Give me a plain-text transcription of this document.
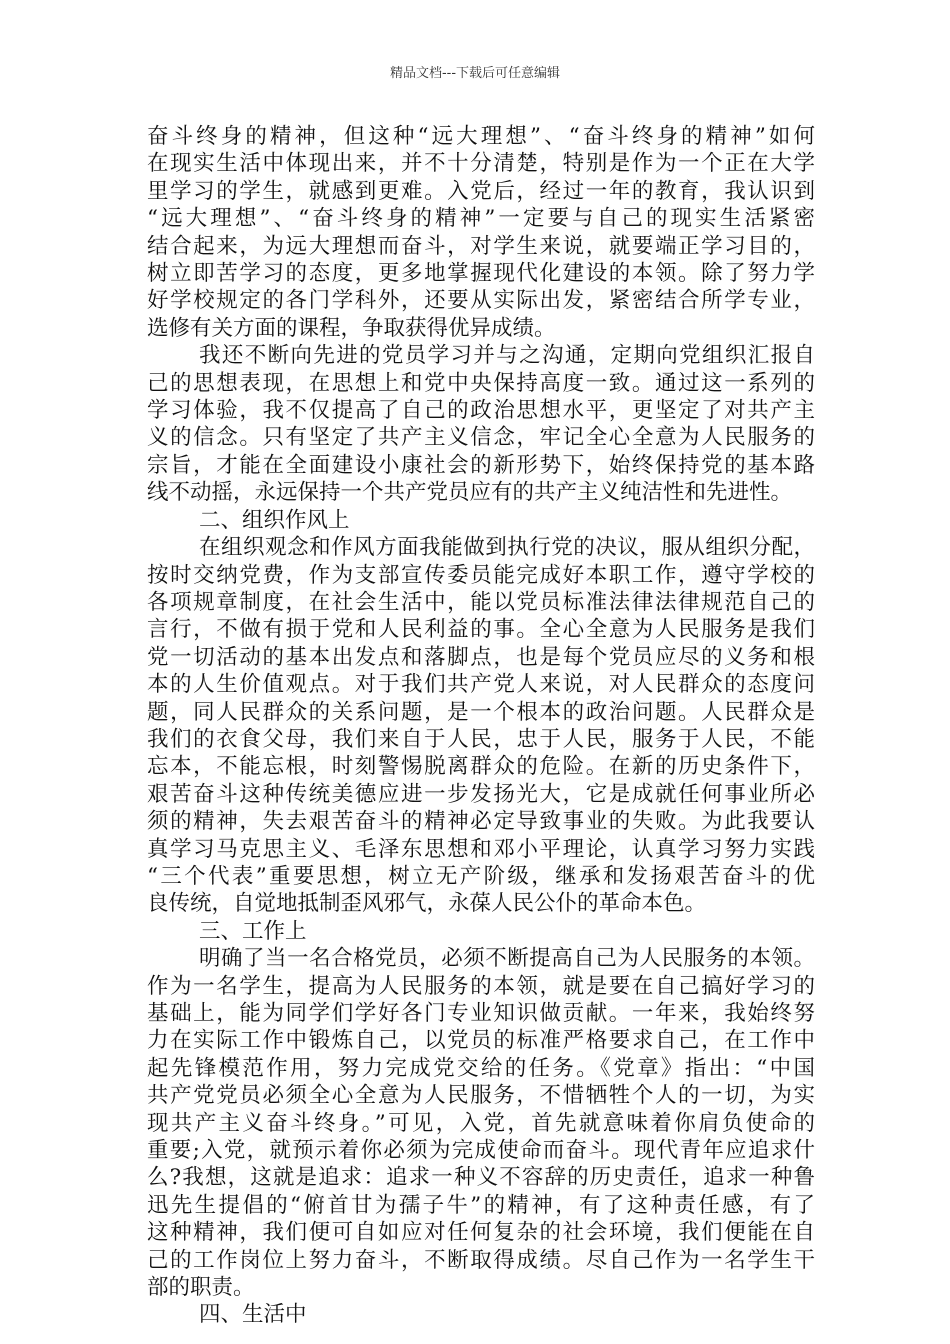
精品文档---下载后可任意编辑
奋斗终身的精神，但这种“远大理想”、“奋斗终身的精神”如何
在现实生活中体现出来，并不十分清楚，特别是作为一个正在大学
里学习的学生，就感到更难。入党后，经过一年的教育，我认识到
“远大理想”、“奋斗终身的精神”一定要与自己的现实生活紧密
结合起来，为远大理想而奋斗，对学生来说，就要端正学习目的，
树立即苦学习的态度，更多地掌握现代化建设的本领。除了努力学
好学校规定的各门学科外，还要从实际出发，紧密结合所学专业，
选修有关方面的课程，争取获得优异成绩。
我还不断向先进的党员学习并与之沟通，定期向党组织汇报自
己的思想表现，在思想上和党中央保持高度一致。通过这一系列的
学习体验，我不仅提高了自己的政治思想水平，更坚定了对共产主
义的信念。只有坚定了共产主义信念，牢记全心全意为人民服务的
宗旨，才能在全面建设小康社会的新形势下，始终保持党的基本路
线不动摇，永远保持一个共产党员应有的共产主义纯洁性和先进性。
二、组织作风上
在组织观念和作风方面我能做到执行党的决议，服从组织分配，
按时交纳党费，作为支部宣传委员能完成好本职工作，遵守学校的
各项规章制度，在社会生活中，能以党员标准法律法律规范自己的
言行，不做有损于党和人民利益的事。全心全意为人民服务是我们
党一切活动的基本出发点和落脚点，也是每个党员应尽的义务和根
本的人生价值观点。对于我们共产党人来说，对人民群众的态度问
题，同人民群众的关系问题，是一个根本的政治问题。人民群众是
我们的衣食父母，我们来自于人民，忠于人民，服务于人民，不能
忘本，不能忘根，时刻警惕脱离群众的危险。在新的历史条件下，
艰苦奋斗这种传统美德应进一步发扬光大，它是成就任何事业所必
须的精神，失去艰苦奋斗的精神必定导致事业的失败。为此我要认
真学习马克思主义、毛泽东思想和邓小平理论，认真学习努力实践
“三个代表”重要思想，树立无产阶级，继承和发扬艰苦奋斗的优
良传统，自觉地抵制歪风邪气，永葆人民公仆的革命本色。
三、工作上
明确了当一名合格党员，必须不断提高自己为人民服务的本领。
作为一名学生，提高为人民服务的本领，就是要在自己搞好学习的
基础上，能为同学们学好各门专业知识做贡献。一年来，我始终努
力在实际工作中锻炼自己，以党员的标准严格要求自己，在工作中
起先锋模范作用，努力完成党交给的任务。《党章》指出：“中国
共产党党员必须全心全意为人民服务，不惜牺牲个人的一切，为实
现共产主义奋斗终身。”可见，入党，首先就意味着你肩负使命的
重要;入党，就预示着你必须为完成使命而奋斗。现代青年应追求什
么?我想，这就是追求：追求一种义不容辞的历史责任，追求一种鲁
迅先生提倡的“俯首甘为孺子牛”的精神，有了这种责任感，有了
这种精神，我们便可自如应对任何复杂的社会环境，我们便能在自
己的工作岗位上努力奋斗，不断取得成绩。尽自己作为一名学生干
部的职责。
四、生活中
